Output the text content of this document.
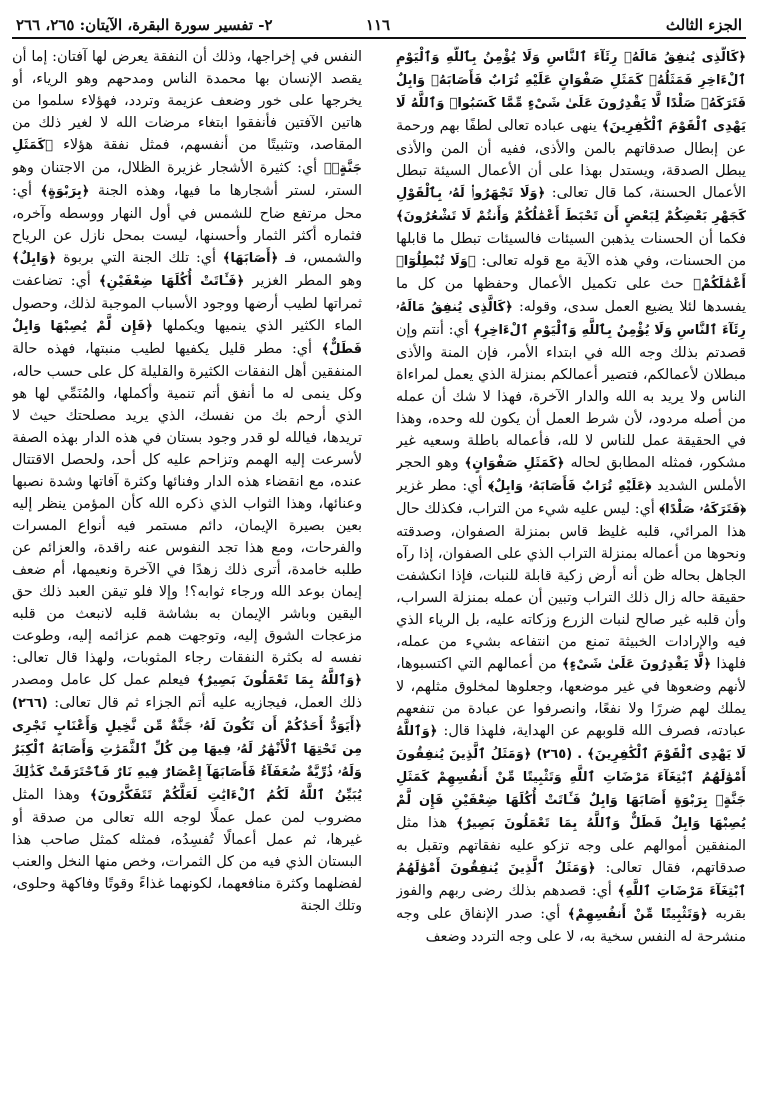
الجزء الثالث
١١٦
٢- تفسير سورة البقرة، الآيتان: ٢٦٥، ٢٦٦

﴿كَالَّذِى يُنفِقُ مَالَهُۥ رِئَآءَ ٱلنَّاسِ وَلَا يُؤْمِنُ بِٱللَّهِ وَٱلْيَوْمِ ٱلْءَاخِرِ فَمَثَلُهُۥ كَمَثَلِ صَفْوَانٍ عَلَيْهِ تُرَابٌ فَأَصَابَهُۥ وَابِلٌ فَتَرَكَهُۥ صَلْدًا لَّا يَقْدِرُونَ عَلَىٰ شَىْءٍ مِّمَّا كَسَبُوا۟ وَٱللَّهُ لَا يَهْدِى ٱلْقَوْمَ ٱلْكَٰفِرِينَ﴾ ينهى عباده تعالى لطفًا بهم ورحمة عن إبطال صدقاتهم بالمن والأذى، ففيه أن المن والأذى يبطل الصدقة، ويستدل بهذا على أن الأعمال السيئة تبطل الأعمال الحسنة، كما قال تعالى: ﴿وَلَا تَجْهَرُوا۟ لَهُۥ بِٱلْقَوْلِ كَجَهْرِ بَعْضِكُمْ لِبَعْضٍ أَن تَحْبَطَ أَعْمَٰلُكُمْ وَأَنتُمْ لَا تَشْعُرُونَ﴾ فكما أن الحسنات يذهبن السيئات فالسيئات تبطل ما قابلها من الحسنات، وفي هذه الآية مع قوله تعالى: ﴿وَلَا تُبْطِلُوٓا۟ أَعْمَٰلَكُمْ﴾ حث على تكميل الأعمال وحفظها من كل ما يفسدها لئلا يضيع العمل سدى، وقوله: ﴿كَالَّذِى يُنفِقُ مَالَهُۥ رِئَآءَ ٱلنَّاسِ وَلَا يُؤْمِنُ بِٱللَّهِ وَٱلْيَوْمِ ٱلْءَاخِرِ﴾ أي: أنتم وإن قصدتم بذلك وجه الله في ابتداء الأمر، فإن المنة والأذى مبطلان لأعمالكم، فتصير أعمالكم بمنزلة الذي يعمل لمراءاة الناس ولا يريد به الله والدار الآخرة، فهذا لا شك أن عمله من أصله مردود، لأن شرط العمل أن يكون لله وحده، وهذا في الحقيقة عمل للناس لا لله، فأعماله باطلة وسعيه غير مشكور، فمثله المطابق لحاله ﴿كَمَثَلِ صَفْوَانٍ﴾ وهو الحجر الأملس الشديد ﴿عَلَيْهِ تُرَابٌ فَأَصَابَهُۥ وَابِلٌ﴾ أي: مطر غزير ﴿فَتَرَكَهُۥ صَلْدًا﴾ أي: ليس عليه شيء من التراب، فكذلك حال هذا المرائي، قلبه غليظ قاس بمنزلة الصفوان، وصدقته ونحوها من أعماله بمنزلة التراب الذي على الصفوان، إذا رآه الجاهل بحاله ظن أنه أرض زكية قابلة للنبات، فإذا انكشفت حقيقة حاله زال ذلك التراب وتبين أن عمله بمنزلة السراب، وأن قلبه غير صالح لنبات الزرع وزكاته عليه، بل الرياء الذي فيه والإرادات الخبيثة تمنع من انتفاعه بشيء من عمله، فلهذا ﴿لَّا يَقْدِرُونَ عَلَىٰ شَىْءٍ﴾ من أعمالهم التي اكتسبوها، لأنهم وضعوها في غير موضعها، وجعلوها لمخلوق مثلهم، لا يملك لهم ضررًا ولا نفعًا، وانصرفوا عن عبادة من تنفعهم عبادته، فصرف الله قلوبهم عن الهداية، فلهذا قال: ﴿وَٱللَّهُ لَا يَهْدِى ٱلْقَوْمَ ٱلْكَٰفِرِينَ﴾ . (٢٦٥) ﴿وَمَثَلُ ٱلَّذِينَ يُنفِقُونَ أَمْوَٰلَهُمُ ٱبْتِغَآءَ مَرْضَاتِ ٱللَّهِ وَتَثْبِيتًا مِّنْ أَنفُسِهِمْ كَمَثَلِ جَنَّةٍۭ بِرَبْوَةٍ أَصَابَهَا وَابِلٌ فَـَٔاتَتْ أُكُلَهَا ضِعْفَيْنِ فَإِن لَّمْ يُصِبْهَا وَابِلٌ فَطَلٌّ وَٱللَّهُ بِمَا تَعْمَلُونَ بَصِيرٌ﴾ هذا مثل المنفقين أموالهم على وجه تزكو عليه نفقاتهم وتقبل به صدقاتهم، فقال تعالى: ﴿وَمَثَلُ ٱلَّذِينَ يُنفِقُونَ أَمْوَٰلَهُمُ ٱبْتِغَآءَ مَرْضَاتِ ٱللَّهِ﴾ أي: قصدهم بذلك رضى ربهم والفوز بقربه ﴿وَتَثْبِيتًا مِّنْ أَنفُسِهِمْ﴾ أي: صدر الإنفاق على وجه منشرحة له النفس سخية به، لا على وجه التردد وضعف

النفس في إخراجها، وذلك أن النفقة يعرض لها آفتان: إما أن يقصد الإنسان بها محمدة الناس ومدحهم وهو الرياء، أو يخرجها على خور وضعف عزيمة وتردد، فهؤلاء سلموا من هاتين الآفتين فأنفقوا ابتغاء مرضات الله لا لغير ذلك من المقاصد، وتثبيتًا من أنفسهم، فمثل نفقة هؤلاء ﴿كَمَثَلِ جَنَّةٍۭ﴾ أي: كثيرة الأشجار غزيرة الظلال، من الاجتنان وهو الستر، لستر أشجارها ما فيها، وهذه الجنة ﴿بِرَبْوَةٍ﴾ أي: محل مرتفع ضاح للشمس في أول النهار ووسطه وآخره، فثماره أكثر الثمار وأحسنها، ليست بمحل نازل عن الرياح والشمس، فـ ﴿أَصَابَهَا﴾ أي: تلك الجنة التي بربوة ﴿وَابِلٌ﴾ وهو المطر الغزير ﴿فَـَٔاتَتْ أُكُلَهَا ضِعْفَيْنِ﴾ أي: تضاعفت ثمراتها لطيب أرضها ووجود الأسباب الموجبة لذلك، وحصول الماء الكثير الذي ينميها ويكملها ﴿فَإِن لَّمْ يُصِبْهَا وَابِلٌ فَطَلٌّ﴾ أي: مطر قليل يكفيها لطيب منبتها، فهذه حالة المنفقين أهل النفقات الكثيرة والقليلة كل على حسب حاله، وكل ينمى له ما أنفق أتم تنمية وأكملها، والمُنَمِّي لها هو الذي أرحم بك من نفسك، الذي يريد مصلحتك حيث لا تريدها، فيالله لو قدر وجود بستان في هذه الدار بهذه الصفة لأسرعت إليه الهمم وتزاحم عليه كل أحد، ولحصل الاقتتال عنده، مع انقضاء هذه الدار وفنائها وكثرة آفاتها وشدة نصبها وعنائها، وهذا الثواب الذي ذكره الله كأن المؤمن ينظر إليه بعين بصيرة الإيمان، دائم مستمر فيه أنواع المسرات والفرحات، ومع هذا تجد النفوس عنه راقدة، والعزائم عن طلبه خامدة، أترى ذلك زهدًا في الآخرة ونعيمها، أم ضعف إيمان بوعد الله ورجاء ثوابه؟! وإلا فلو تيقن العبد ذلك حق اليقين وباشر الإيمان به بشاشة قلبه لانبعث من قلبه مزعجات الشوق إليه، وتوجهت همم عزائمه إليه، وطوعت نفسه له بكثرة النفقات رجاء المثوبات، ولهذا قال تعالى: ﴿وَٱللَّهُ بِمَا تَعْمَلُونَ بَصِيرٌ﴾ فيعلم عمل كل عامل ومصدر ذلك العمل، فيجازيه عليه أتم الجزاء ثم قال تعالى: (٢٦٦) ﴿أَيَوَدُّ أَحَدُكُمْ أَن تَكُونَ لَهُۥ جَنَّةٌ مِّن نَّخِيلٍ وَأَعْنَابٍ تَجْرِى مِن تَحْتِهَا ٱلْأَنْهَٰرُ لَهُۥ فِيهَا مِن كُلِّ ٱلثَّمَرَٰتِ وَأَصَابَهُ ٱلْكِبَرُ وَلَهُۥ ذُرِّيَّةٌ ضُعَفَآءُ فَأَصَابَهَآ إِعْصَارٌ فِيهِ نَارٌ فَٱحْتَرَقَتْ كَذَٰلِكَ يُبَيِّنُ ٱللَّهُ لَكُمُ ٱلْءَايَٰتِ لَعَلَّكُمْ تَتَفَكَّرُونَ﴾ وهذا المثل مضروب لمن عمل عملًا لوجه الله تعالى من صدقة أو غيرها، ثم عمل أعمالًا تُفسِدُه، فمثله كمثل صاحب هذا البستان الذي فيه من كل الثمرات، وخص منها النخل والعنب لفضلهما وكثرة منافعهما، لكونهما غذاءً وقوتًا وفاكهة وحلوى، وتلك الجنة
